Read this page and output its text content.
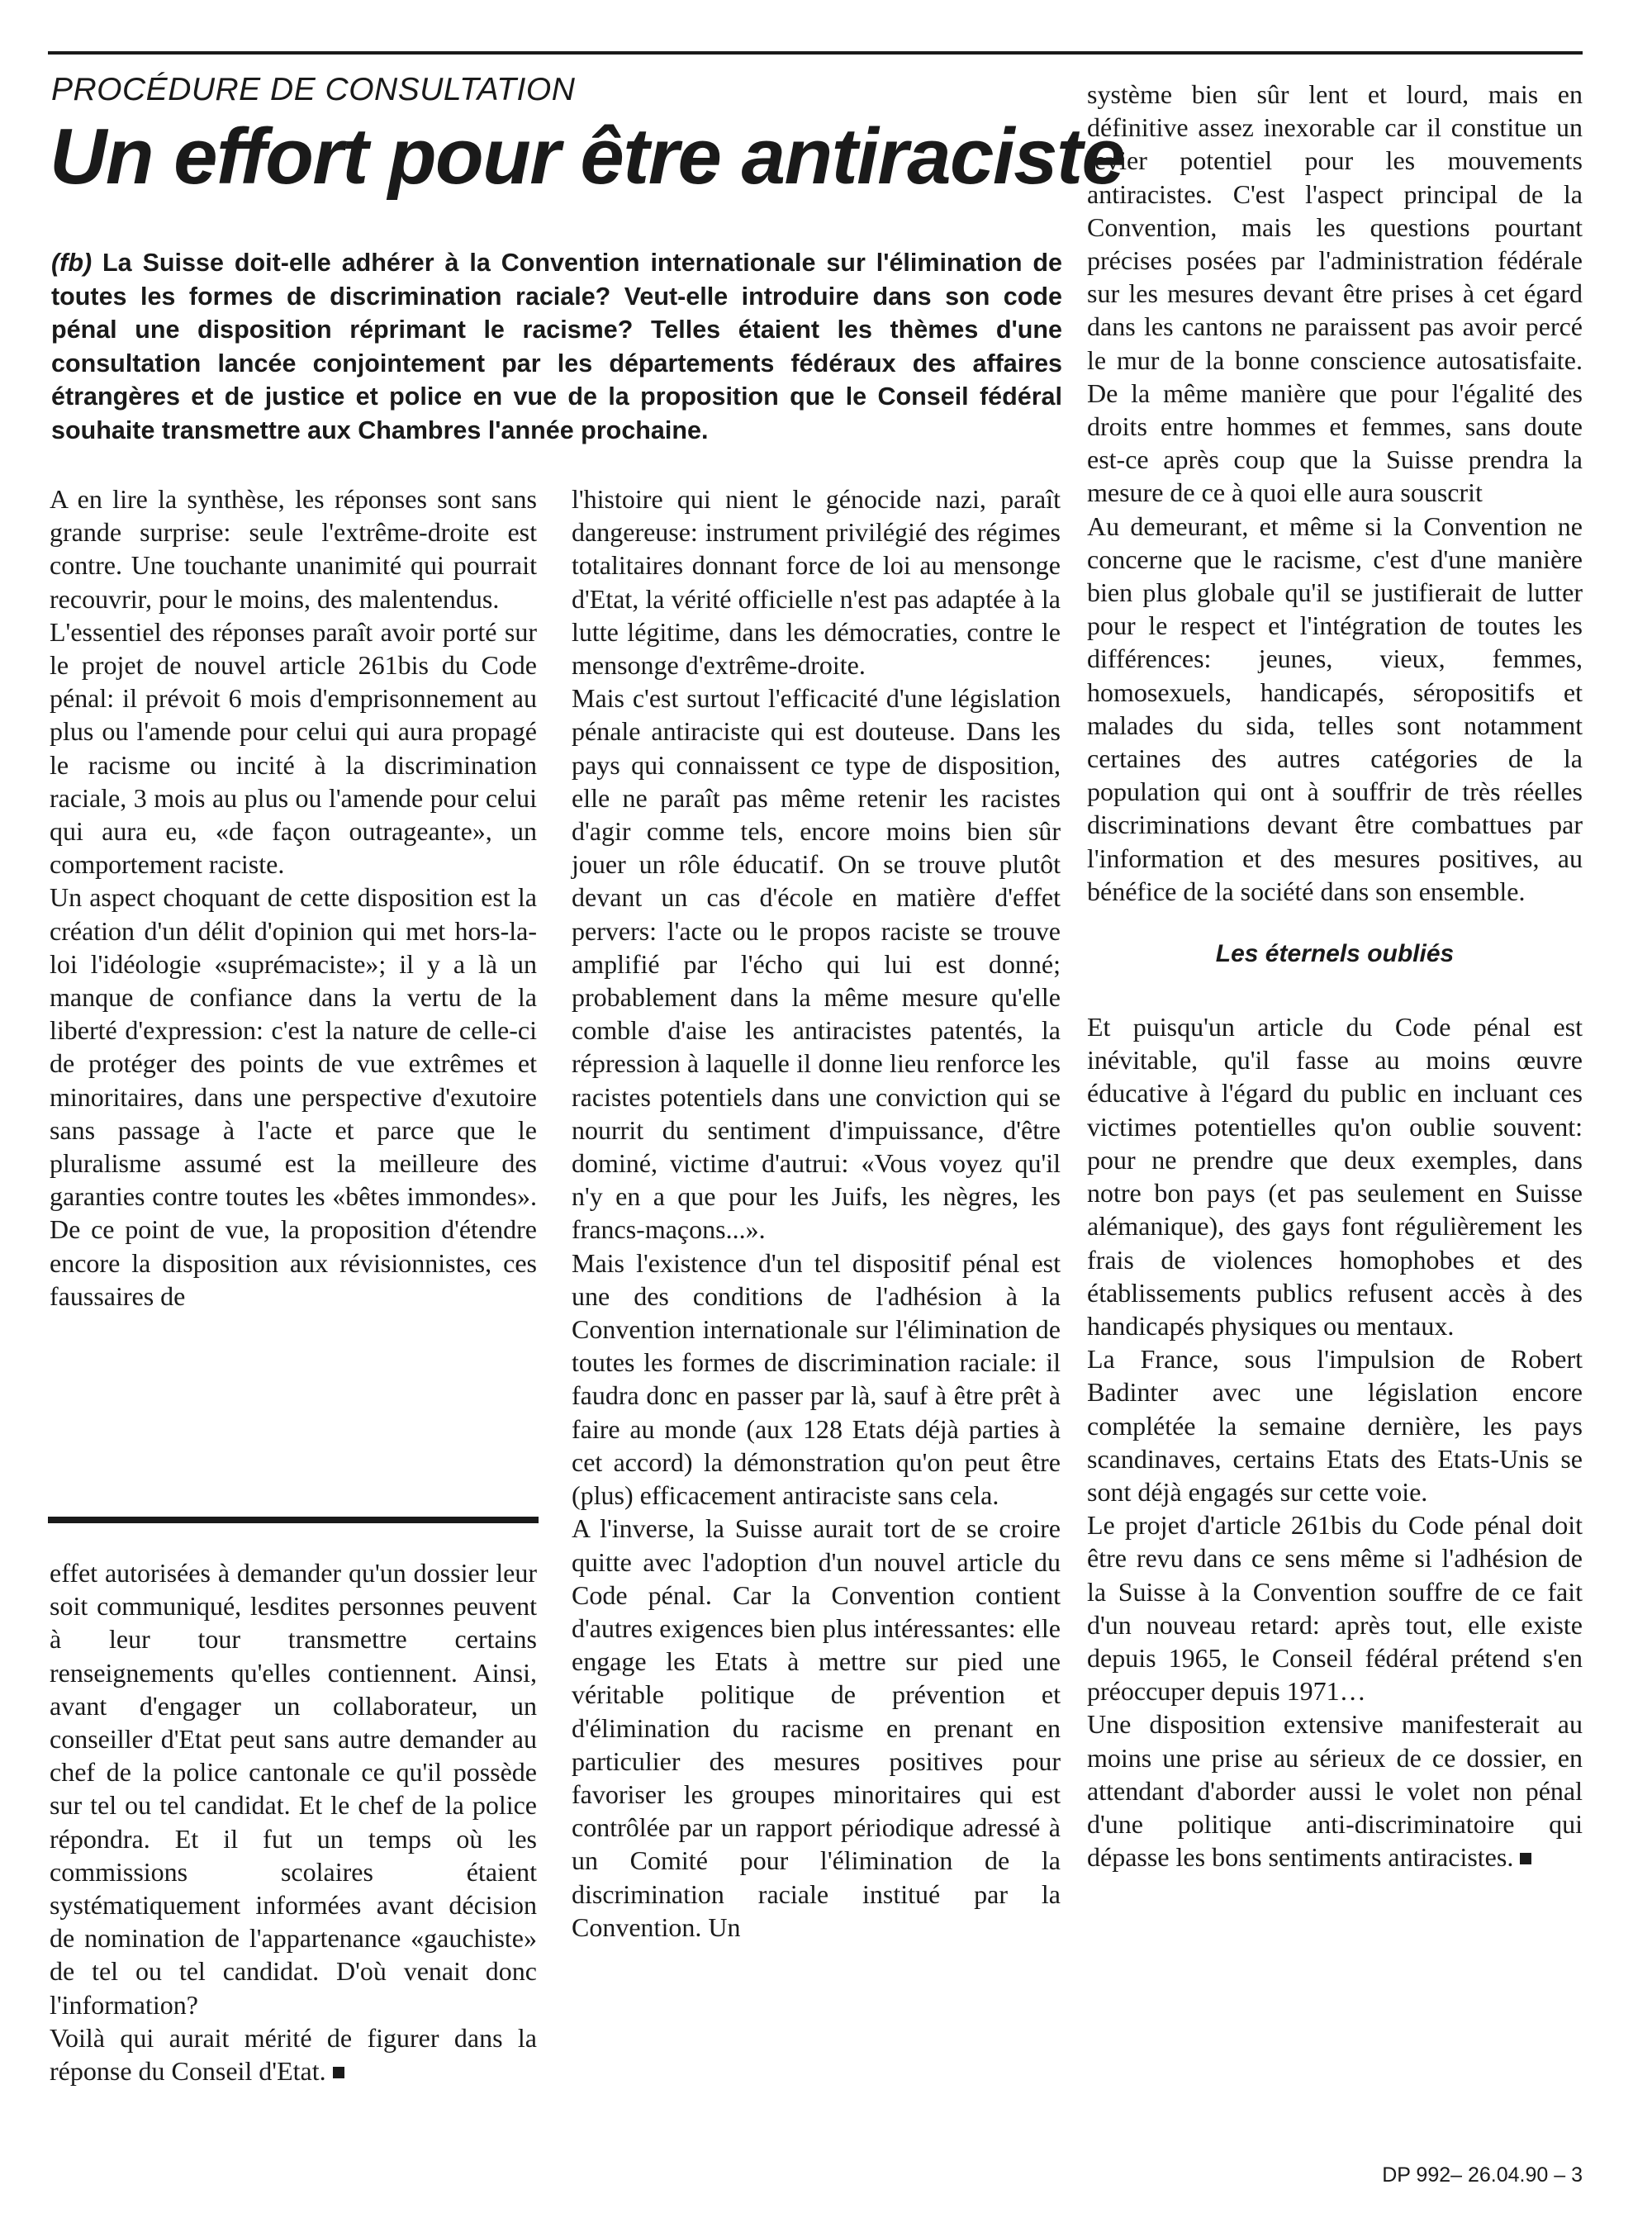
PROCÉDURE DE CONSULTATION
Un effort pour être antiraciste

(fb) La Suisse doit-elle adhérer à la Convention internationale sur l'élimination de toutes les formes de discrimination raciale? Veut-elle introduire dans son code pénal une disposition réprimant le racisme? Telles étaient les thèmes d'une consultation lancée conjointement par les départements fédéraux des affaires étrangères et de justice et police en vue de la proposition que le Conseil fédéral souhaite transmettre aux Chambres l'année prochaine.

A en lire la synthèse, les réponses sont sans grande surprise: seule l'extrême-droite est contre. Une touchante unanimité qui pourrait recouvrir, pour le moins, des malentendus.

L'essentiel des réponses paraît avoir porté sur le projet de nouvel article 261bis du Code pénal: il prévoit 6 mois d'emprisonnement au plus ou l'amende pour celui qui aura propagé le racisme ou incité à la discrimination raciale, 3 mois au plus ou l'amende pour celui qui aura eu, «de façon outrageante», un comportement raciste.

Un aspect choquant de cette disposition est la création d'un délit d'opinion qui met hors-la-loi l'idéologie «suprémaciste»; il y a là un manque de confiance dans la vertu de la liberté d'expression: c'est la nature de celle-ci de protéger des points de vue extrêmes et minoritaires, dans une perspective d'exutoire sans passage à l'acte et parce que le pluralisme assumé est la meilleure des garanties contre toutes les «bêtes immondes». De ce point de vue, la proposition d'étendre encore la disposition aux révisionnistes, ces faussaires de

l'histoire qui nient le génocide nazi, paraît dangereuse: instrument privilégié des régimes totalitaires donnant force de loi au mensonge d'Etat, la vérité officielle n'est pas adaptée à la lutte légitime, dans les démocraties, contre le mensonge d'extrême-droite.

Mais c'est surtout l'efficacité d'une législation pénale antiraciste qui est douteuse. Dans les pays qui connaissent ce type de disposition, elle ne paraît pas même retenir les racistes d'agir comme tels, encore moins bien sûr jouer un rôle éducatif. On se trouve plutôt devant un cas d'école en matière d'effet pervers: l'acte ou le propos raciste se trouve amplifié par l'écho qui lui est donné; probablement dans la même mesure qu'elle comble d'aise les antiracistes patentés, la répression à laquelle il donne lieu renforce les racistes potentiels dans une conviction qui se nourrit du sentiment d'impuissance, d'être dominé, victime d'autrui: «Vous voyez qu'il n'y en a que pour les Juifs, les nègres, les francs-maçons...».

Mais l'existence d'un tel dispositif pénal est une des conditions de l'adhésion à la Convention internationale sur l'élimination de toutes les formes de discrimination raciale: il faudra donc en passer par là, sauf à être prêt à faire au monde (aux 128 Etats déjà parties à cet accord) la démonstration qu'on peut être (plus) efficacement antiraciste sans cela.

A l'inverse, la Suisse aurait tort de se croire quitte avec l'adoption d'un nouvel article du Code pénal. Car la Convention contient d'autres exigences bien plus intéressantes: elle engage les Etats à mettre sur pied une véritable politique de prévention et d'élimination du racisme en prenant en particulier des mesures positives pour favoriser les groupes minoritaires qui est contrôlée par un rapport périodique adressé à un Comité pour l'élimination de la discrimination raciale institué par la Convention. Un

système bien sûr lent et lourd, mais en définitive assez inexorable car il constitue un levier potentiel pour les mouvements antiracistes. C'est l'aspect principal de la Convention, mais les questions pourtant précises posées par l'administration fédérale sur les mesures devant être prises à cet égard dans les cantons ne paraissent pas avoir percé le mur de la bonne conscience autosatisfaite. De la même manière que pour l'égalité des droits entre hommes et femmes, sans doute est-ce après coup que la Suisse prendra la mesure de ce à quoi elle aura souscrit

Au demeurant, et même si la Convention ne concerne que le racisme, c'est d'une manière bien plus globale qu'il se justifierait de lutter pour le respect et l'intégration de toutes les différences: jeunes, vieux, femmes, homosexuels, handicapés, séropositifs et malades du sida, telles sont notamment certaines des autres catégories de la population qui ont à souffrir de très réelles discriminations devant être combattues par l'information et des mesures positives, au bénéfice de la société dans son ensemble.

Les éternels oubliés

Et puisqu'un article du Code pénal est inévitable, qu'il fasse au moins œuvre éducative à l'égard du public en incluant ces victimes potentielles qu'on oublie souvent: pour ne prendre que deux exemples, dans notre bon pays (et pas seulement en Suisse alémanique), des gays font régulièrement les frais de violences homophobes et des établissements publics refusent accès à des handicapés physiques ou mentaux.

La France, sous l'impulsion de Robert Badinter avec une législation encore complétée la semaine dernière, les pays scandinaves, certains Etats des Etats-Unis se sont déjà engagés sur cette voie.

Le projet d'article 261bis du Code pénal doit être revu dans ce sens même si l'adhésion de la Suisse à la Convention souffre de ce fait d'un nouveau retard: après tout, elle existe depuis 1965, le Conseil fédéral prétend s'en préoccuper depuis 1971…

Une disposition extensive manifesterait au moins une prise au sérieux de ce dossier, en attendant d'aborder aussi le volet non pénal d'une politique anti-discriminatoire qui dépasse les bons sentiments antiracistes.

effet autorisées à demander qu'un dossier leur soit communiqué, lesdites personnes peuvent à leur tour transmettre certains renseignements qu'elles contiennent. Ainsi, avant d'engager un collaborateur, un conseiller d'Etat peut sans autre demander au chef de la police cantonale ce qu'il possède sur tel ou tel candidat. Et le chef de la police répondra. Et il fut un temps où les commissions scolaires étaient systématiquement informées avant décision de nomination de l'appartenance «gauchiste» de tel ou tel candidat. D'où venait donc l'information?

Voilà qui aurait mérité de figurer dans la réponse du Conseil d'Etat.

DP 992– 26.04.90 – 3
